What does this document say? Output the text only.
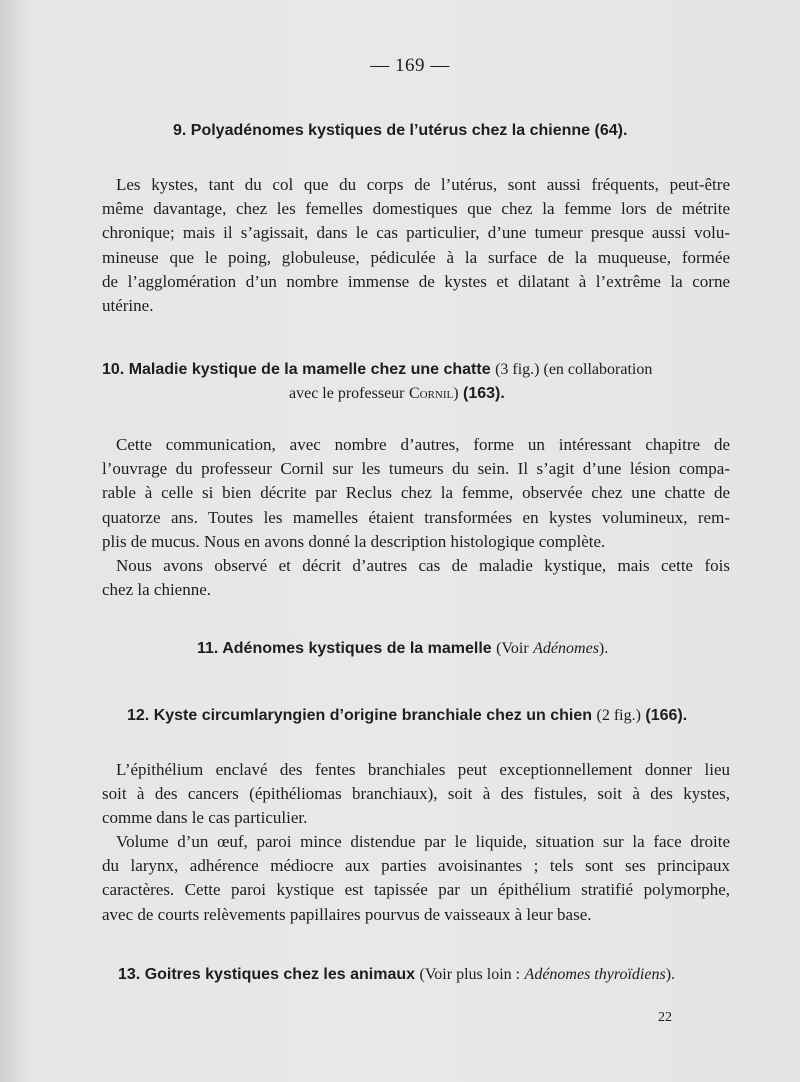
— 169 —
9. Polyadénomes kystiques de l’utérus chez la chienne (64).
Les kystes, tant du col que du corps de l’utérus, sont aussi fréquents, peut-être
même davantage, chez les femelles domestiques que chez la femme lors de métrite
chronique; mais il s’agissait, dans le cas particulier, d’une tumeur presque aussi volu-
mineuse que le poing, globuleuse, pédiculée à la surface de la muqueuse, formée
de l’agglomération d’un nombre immense de kystes et dilatant à l’extrême la corne
utérine.
10. Maladie kystique de la mamelle chez une chatte (3 fig.) (en collaboration
avec le professeur Cornil) (163).
Cette communication, avec nombre d’autres, forme un intéressant chapitre de
l’ouvrage du professeur Cornil sur les tumeurs du sein. Il s’agit d’une lésion compa-
rable à celle si bien décrite par Reclus chez la femme, observée chez une chatte de
quatorze ans. Toutes les mamelles étaient transformées en kystes volumineux, rem-
plis de mucus. Nous en avons donné la description histologique complète.
Nous avons observé et décrit d’autres cas de maladie kystique, mais cette fois
chez la chienne.
11. Adénomes kystiques de la mamelle (Voir Adénomes).
12. Kyste circumlaryngien d’origine branchiale chez un chien (2 fig.) (166).
L’épithélium enclavé des fentes branchiales peut exceptionnellement donner lieu
soit à des cancers (épithéliomas branchiaux), soit à des fistules, soit à des kystes,
comme dans le cas particulier.
Volume d’un œuf, paroi mince distendue par le liquide, situation sur la face droite
du larynx, adhérence médiocre aux parties avoisinantes ; tels sont ses principaux
caractères. Cette paroi kystique est tapissée par un épithélium stratifié polymorphe,
avec de courts relèvements papillaires pourvus de vaisseaux à leur base.
13. Goitres kystiques chez les animaux (Voir plus loin : Adénomes thyroïdiens).
22
